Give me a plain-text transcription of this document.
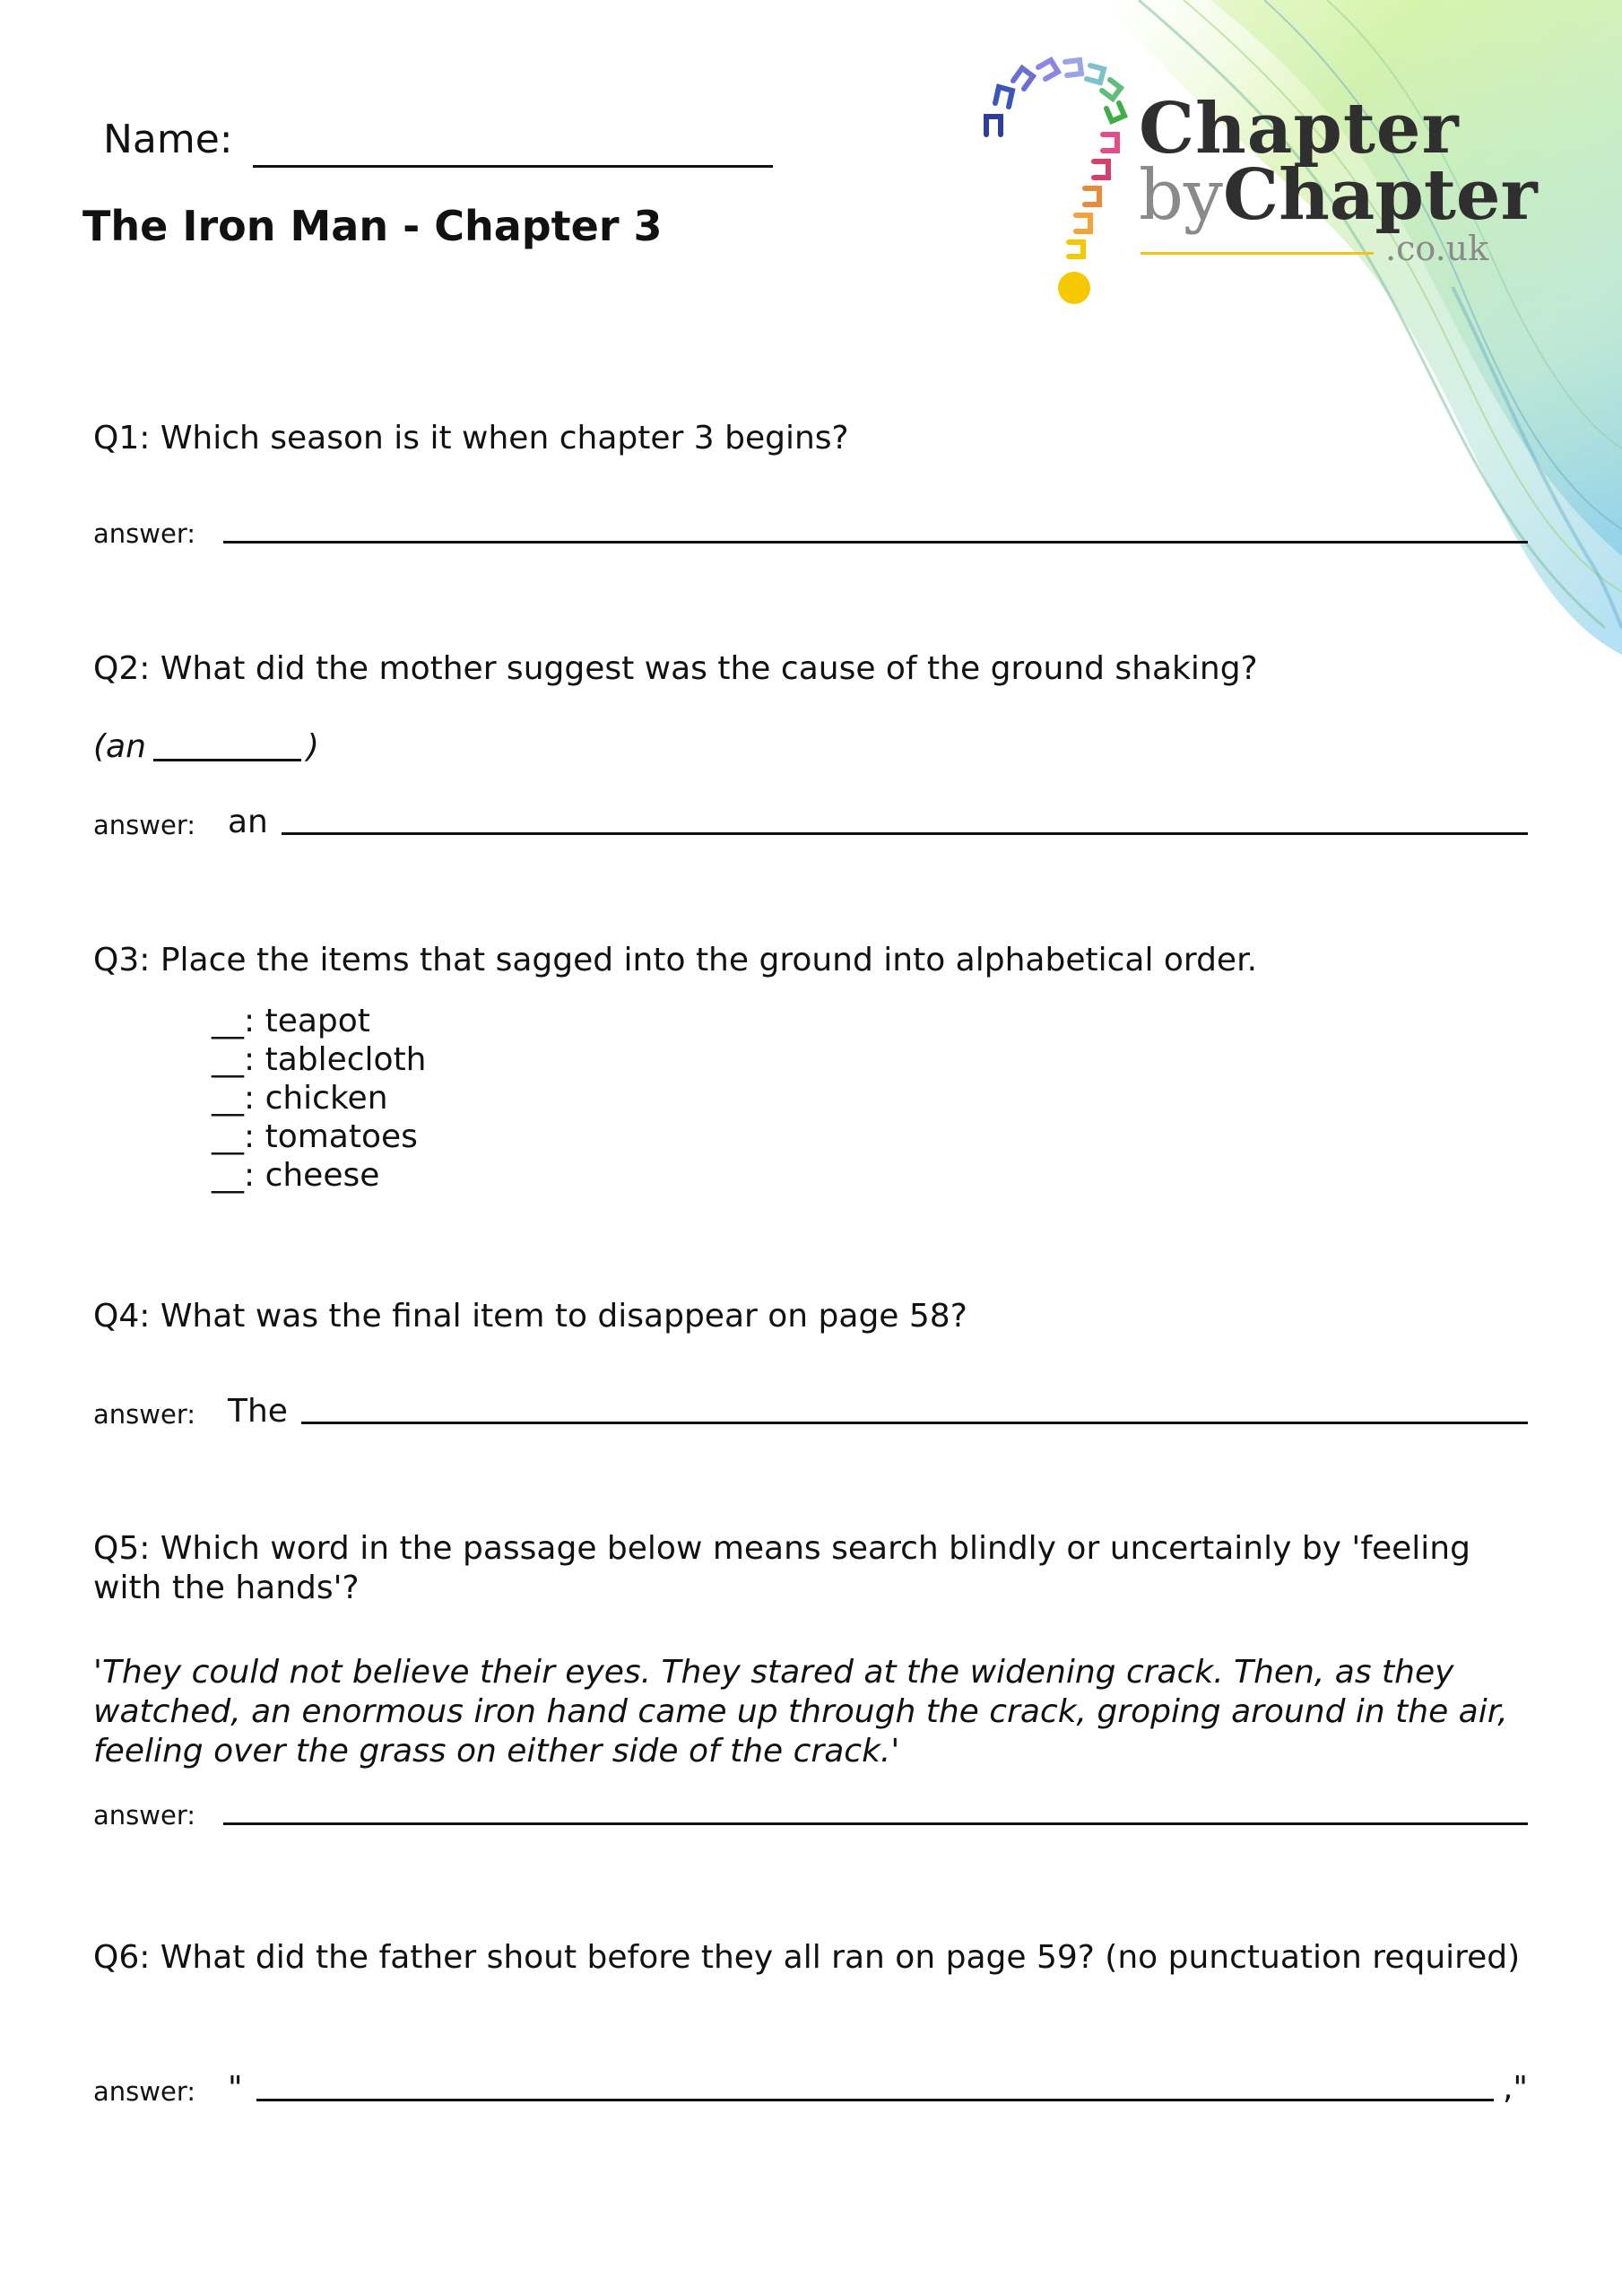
Name:
The Iron Man - Chapter 3
Chapter
byChapter
.co.uk
Q1: Which season is it when chapter 3 begins?
answer:
Q2: What did the mother suggest was the cause of the ground shaking?
(an	)
answer: an
Q3: Place the items that sagged into the ground into alphabetical order.
__: teapot
__: tablecloth
__: chicken
__: tomatoes
__: cheese
Q4: What was the final item to disappear on page 58?
answer: The
Q5: Which word in the passage below means search blindly or uncertainly by 'feeling with the hands'?
'They could not believe their eyes. They stared at the widening crack. Then, as they watched, an enormous iron hand came up through the crack, groping around in the air, feeling over the grass on either side of the crack.'
answer:
Q6: What did the father shout before they all ran on page 59? (no punctuation required)
answer: "	,"
